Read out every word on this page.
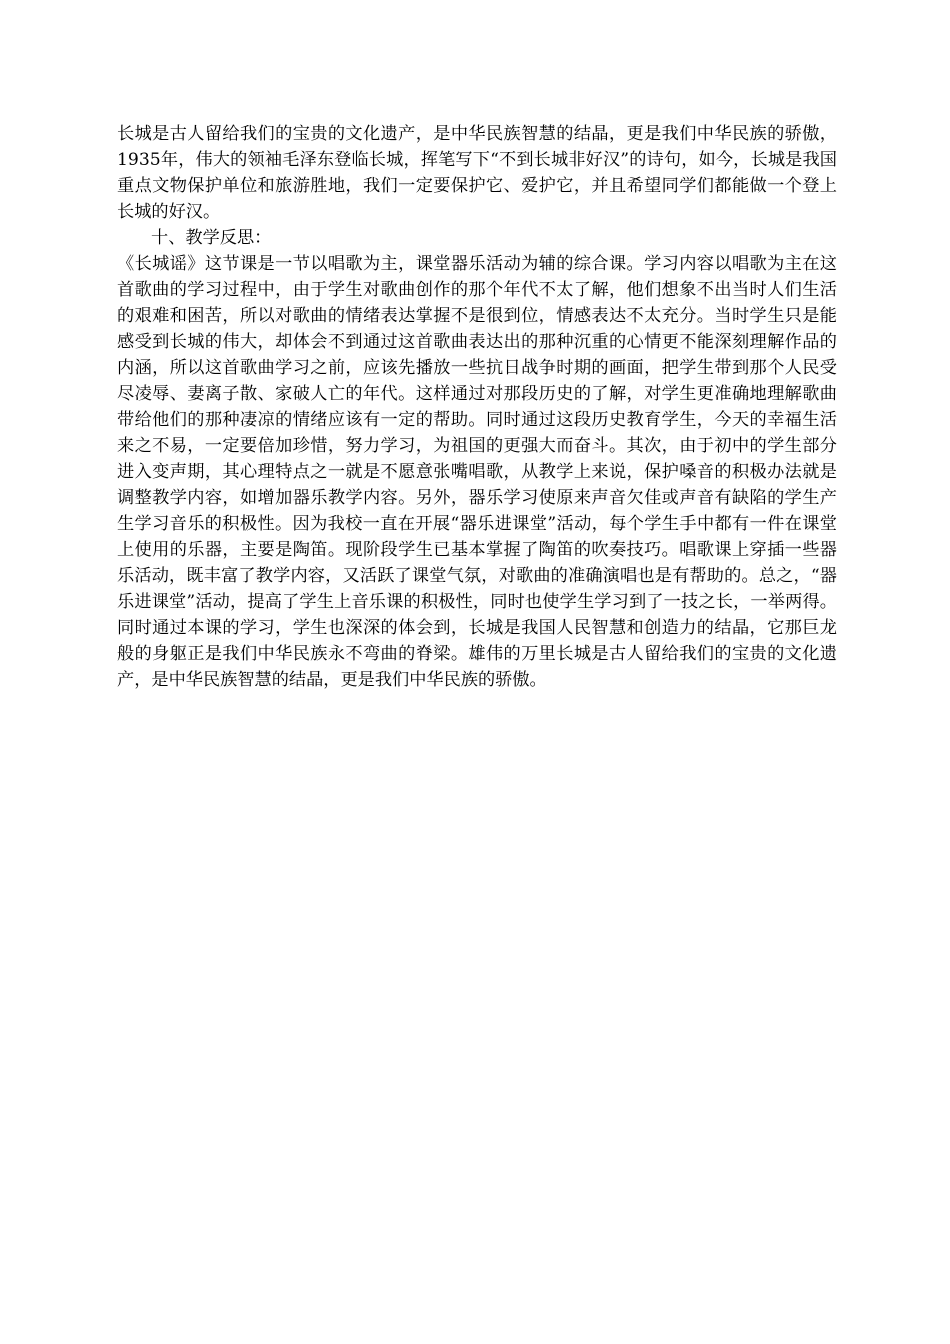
长城是古人留给我们的宝贵的文化遗产，是中华民族智慧的结晶，更是我们中华民族的骄傲，1935年，伟大的领袖毛泽东登临长城，挥笔写下“不到长城非好汉”的诗句，如今，长城是我国重点文物保护单位和旅游胜地，我们一定要保护它、爱护它，并且希望同学们都能做一个登上长城的好汉。

十、教学反思：

《长城谣》这节课是一节以唱歌为主，课堂器乐活动为辅的综合课。学习内容以唱歌为主在这首歌曲的学习过程中，由于学生对歌曲创作的那个年代不太了解，他们想象不出当时人们生活的艰难和困苦，所以对歌曲的情绪表达掌握不是很到位，情感表达不太充分。当时学生只是能感受到长城的伟大，却体会不到通过这首歌曲表达出的那种沉重的心情更不能深刻理解作品的内涵，所以这首歌曲学习之前，应该先播放一些抗日战争时期的画面，把学生带到那个人民受尽凌辱、妻离子散、家破人亡的年代。这样通过对那段历史的了解，对学生更准确地理解歌曲带给他们的那种凄凉的情绪应该有一定的帮助。同时通过这段历史教育学生，今天的幸福生活来之不易，一定要倍加珍惜，努力学习，为祖国的更强大而奋斗。其次，由于初中的学生部分进入变声期，其心理特点之一就是不愿意张嘴唱歌，从教学上来说，保护嗓音的积极办法就是调整教学内容，如增加器乐教学内容。另外，器乐学习使原来声音欠佳或声音有缺陷的学生产生学习音乐的积极性。因为我校一直在开展“器乐进课堂”活动，每个学生手中都有一件在课堂上使用的乐器，主要是陶笛。现阶段学生已基本掌握了陶笛的吹奏技巧。唱歌课上穿插一些器乐活动，既丰富了教学内容，又活跃了课堂气氛，对歌曲的准确演唱也是有帮助的。总之，“器乐进课堂”活动，提高了学生上音乐课的积极性，同时也使学生学习到了一技之长，一举两得。同时通过本课的学习，学生也深深的体会到，长城是我国人民智慧和创造力的结晶，它那巨龙般的身躯正是我们中华民族永不弯曲的脊梁。雄伟的万里长城是古人留给我们的宝贵的文化遗产，是中华民族智慧的结晶，更是我们中华民族的骄傲。
